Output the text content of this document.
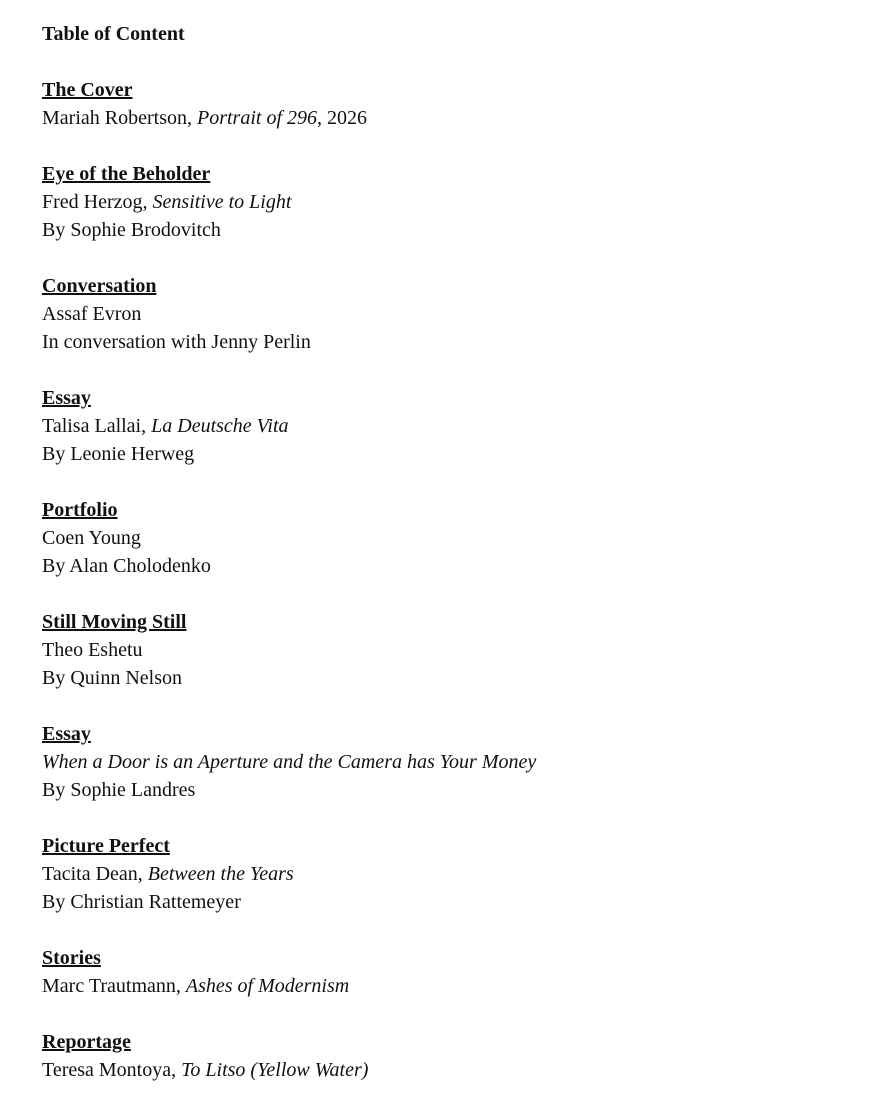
Table of Content
The Cover
Mariah Robertson, Portrait of 296, 2026
Eye of the Beholder
Fred Herzog, Sensitive to Light
By Sophie Brodovitch
Conversation
Assaf Evron
In conversation with Jenny Perlin
Essay
Talisa Lallai, La Deutsche Vita
By Leonie Herweg
Portfolio
Coen Young
By Alan Cholodenko
Still Moving Still
Theo Eshetu
By Quinn Nelson
Essay
When a Door is an Aperture and the Camera has Your Money
By Sophie Landres
Picture Perfect
Tacita Dean, Between the Years
By Christian Rattemeyer
Stories
Marc Trautmann, Ashes of Modernism
Reportage
Teresa Montoya, To Litso (Yellow Water)
